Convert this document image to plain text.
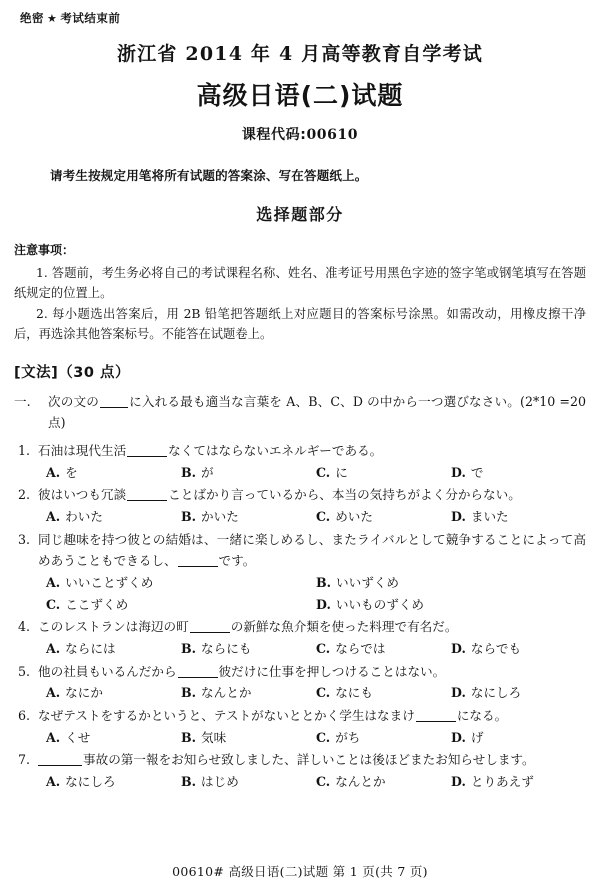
绝密 ★ 考试结束前
浙江省 2014 年 4 月高等教育自学考试
高级日语(二)试题
课程代码:00610

请考生按规定用笔将所有试题的答案涂、写在答题纸上。

选择题部分
注意事项：

1. 答题前，考生务必将自己的考试课程名称、姓名、准考证号用黑色字迹的签字笔或钢笔填写在答题纸规定的位置上。

2. 每小题选出答案后，用 2B 铅笔把答题纸上对应题目的答案标号涂黑。如需改动，用橡皮擦干净后，再选涂其他答案标号。不能答在试题卷上。

[文法]（30 点）
一.	次の文の に入れる最も適当な言葉を A、B、C、D の中から一つ選びなさい。(2*10 =20 点)
1. 石油は現代生活	なくてはならないエネルギーである。
A. を	B. が	C. に	D. で
2. 彼はいつも冗談	ことばかり言っているから、本当の気持ちがよく分からない。
A. わいた	B. かいた	C. めいた	D. まいた
3. 同じ趣味を持つ彼との結婚は、一緒に楽しめるし、またライバルとして競争することによって高めあうこともできるし、	です。
A. いいことずくめ	B. いいずくめ
C. ここずくめ	D. いいものずくめ
4. このレストランは海辺の町	の新鮮な魚介類を使った料理で有名だ。
A. ならには	B. ならにも	C. ならでは	D. ならでも
5. 他の社員もいるんだから	彼だけに仕事を押しつけることはない。
A. なにか	B. なんとか	C. なにも	D. なにしろ
6. なぜテストをするかというと、テストがないととかく学生はなまけ	になる。
A. くせ	B. 気味	C. がち	D. げ
7.	事故の第一報をお知らせ致しました、詳しいことは後ほどまたお知らせします。
A. なにしろ	B. はじめ	C. なんとか	D. とりあえず
00610# 高级日语(二)试题 第 1 页(共 7 页)
